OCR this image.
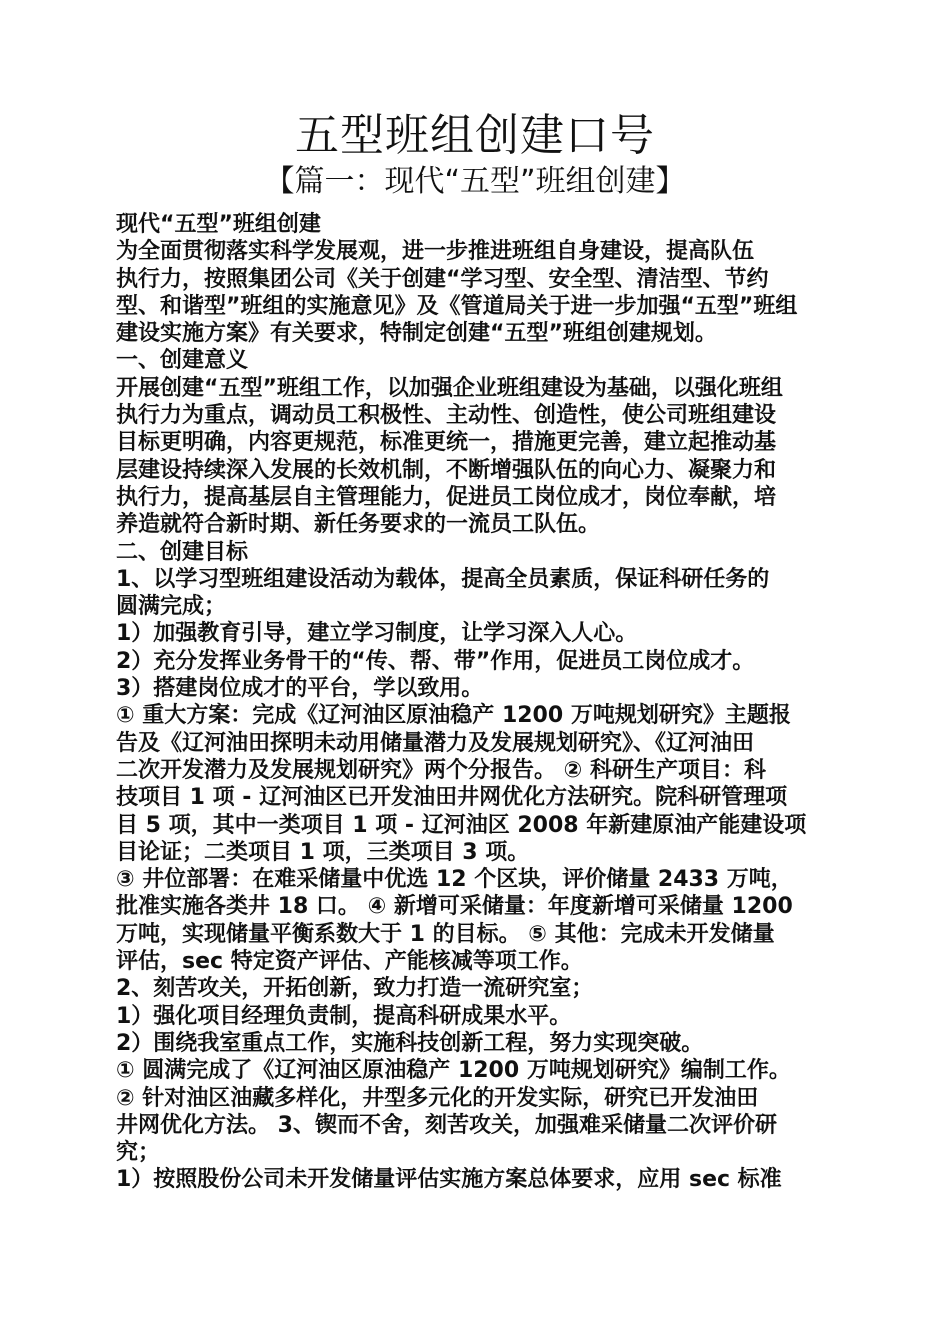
五型班组创建口号
【篇一：现代“五型”班组创建】
现代“五型”班组创建
为全面贯彻落实科学发展观，进一步推进班组自身建设，提高队伍
执行力，按照集团公司《关于创建“学习型、安全型、清洁型、节约
型、和谐型”班组的实施意见》及《管道局关于进一步加强“五型”班组
建设实施方案》有关要求，特制定创建“五型”班组创建规划。
一、创建意义
开展创建“五型”班组工作，以加强企业班组建设为基础，以强化班组
执行力为重点，调动员工积极性、主动性、创造性，使公司班组建设
目标更明确，内容更规范，标准更统一，措施更完善，建立起推动基
层建设持续深入发展的长效机制，不断增强队伍的向心力、凝聚力和
执行力，提高基层自主管理能力，促进员工岗位成才，岗位奉献，培
养造就符合新时期、新任务要求的一流员工队伍。
二、创建目标
1、以学习型班组建设活动为载体，提高全员素质，保证科研任务的
圆满完成；
1）加强教育引导，建立学习制度，让学习深入人心。
2）充分发挥业务骨干的“传、帮、带”作用，促进员工岗位成才。
3）搭建岗位成才的平台，学以致用。
① 重大方案：完成《辽河油区原油稳产 1200 万吨规划研究》主题报
告及《辽河油田探明未动用储量潜力及发展规划研究》、《辽河油田
二次开发潜力及发展规划研究》两个分报告。 ② 科研生产项目：科
技项目 1 项 - 辽河油区已开发油田井网优化方法研究。院科研管理项
目 5 项，其中一类项目 1 项 - 辽河油区 2008 年新建原油产能建设项
目论证；二类项目 1 项，三类项目 3 项。
③ 井位部署：在难采储量中优选 12 个区块，评价储量 2433 万吨，
批准实施各类井 18 口。 ④ 新增可采储量：年度新增可采储量 1200
万吨，实现储量平衡系数大于 1 的目标。 ⑤ 其他：完成未开发储量
评估，sec 特定资产评估、产能核减等项工作。
2、刻苦攻关，开拓创新，致力打造一流研究室；
1）强化项目经理负责制，提高科研成果水平。
2）围绕我室重点工作，实施科技创新工程，努力实现突破。
① 圆满完成了《辽河油区原油稳产 1200 万吨规划研究》编制工作。
② 针对油区油藏多样化，井型多元化的开发实际，研究已开发油田
井网优化方法。 3、锲而不舍，刻苦攻关，加强难采储量二次评价研
究；
1）按照股份公司未开发储量评估实施方案总体要求，应用 sec 标准
